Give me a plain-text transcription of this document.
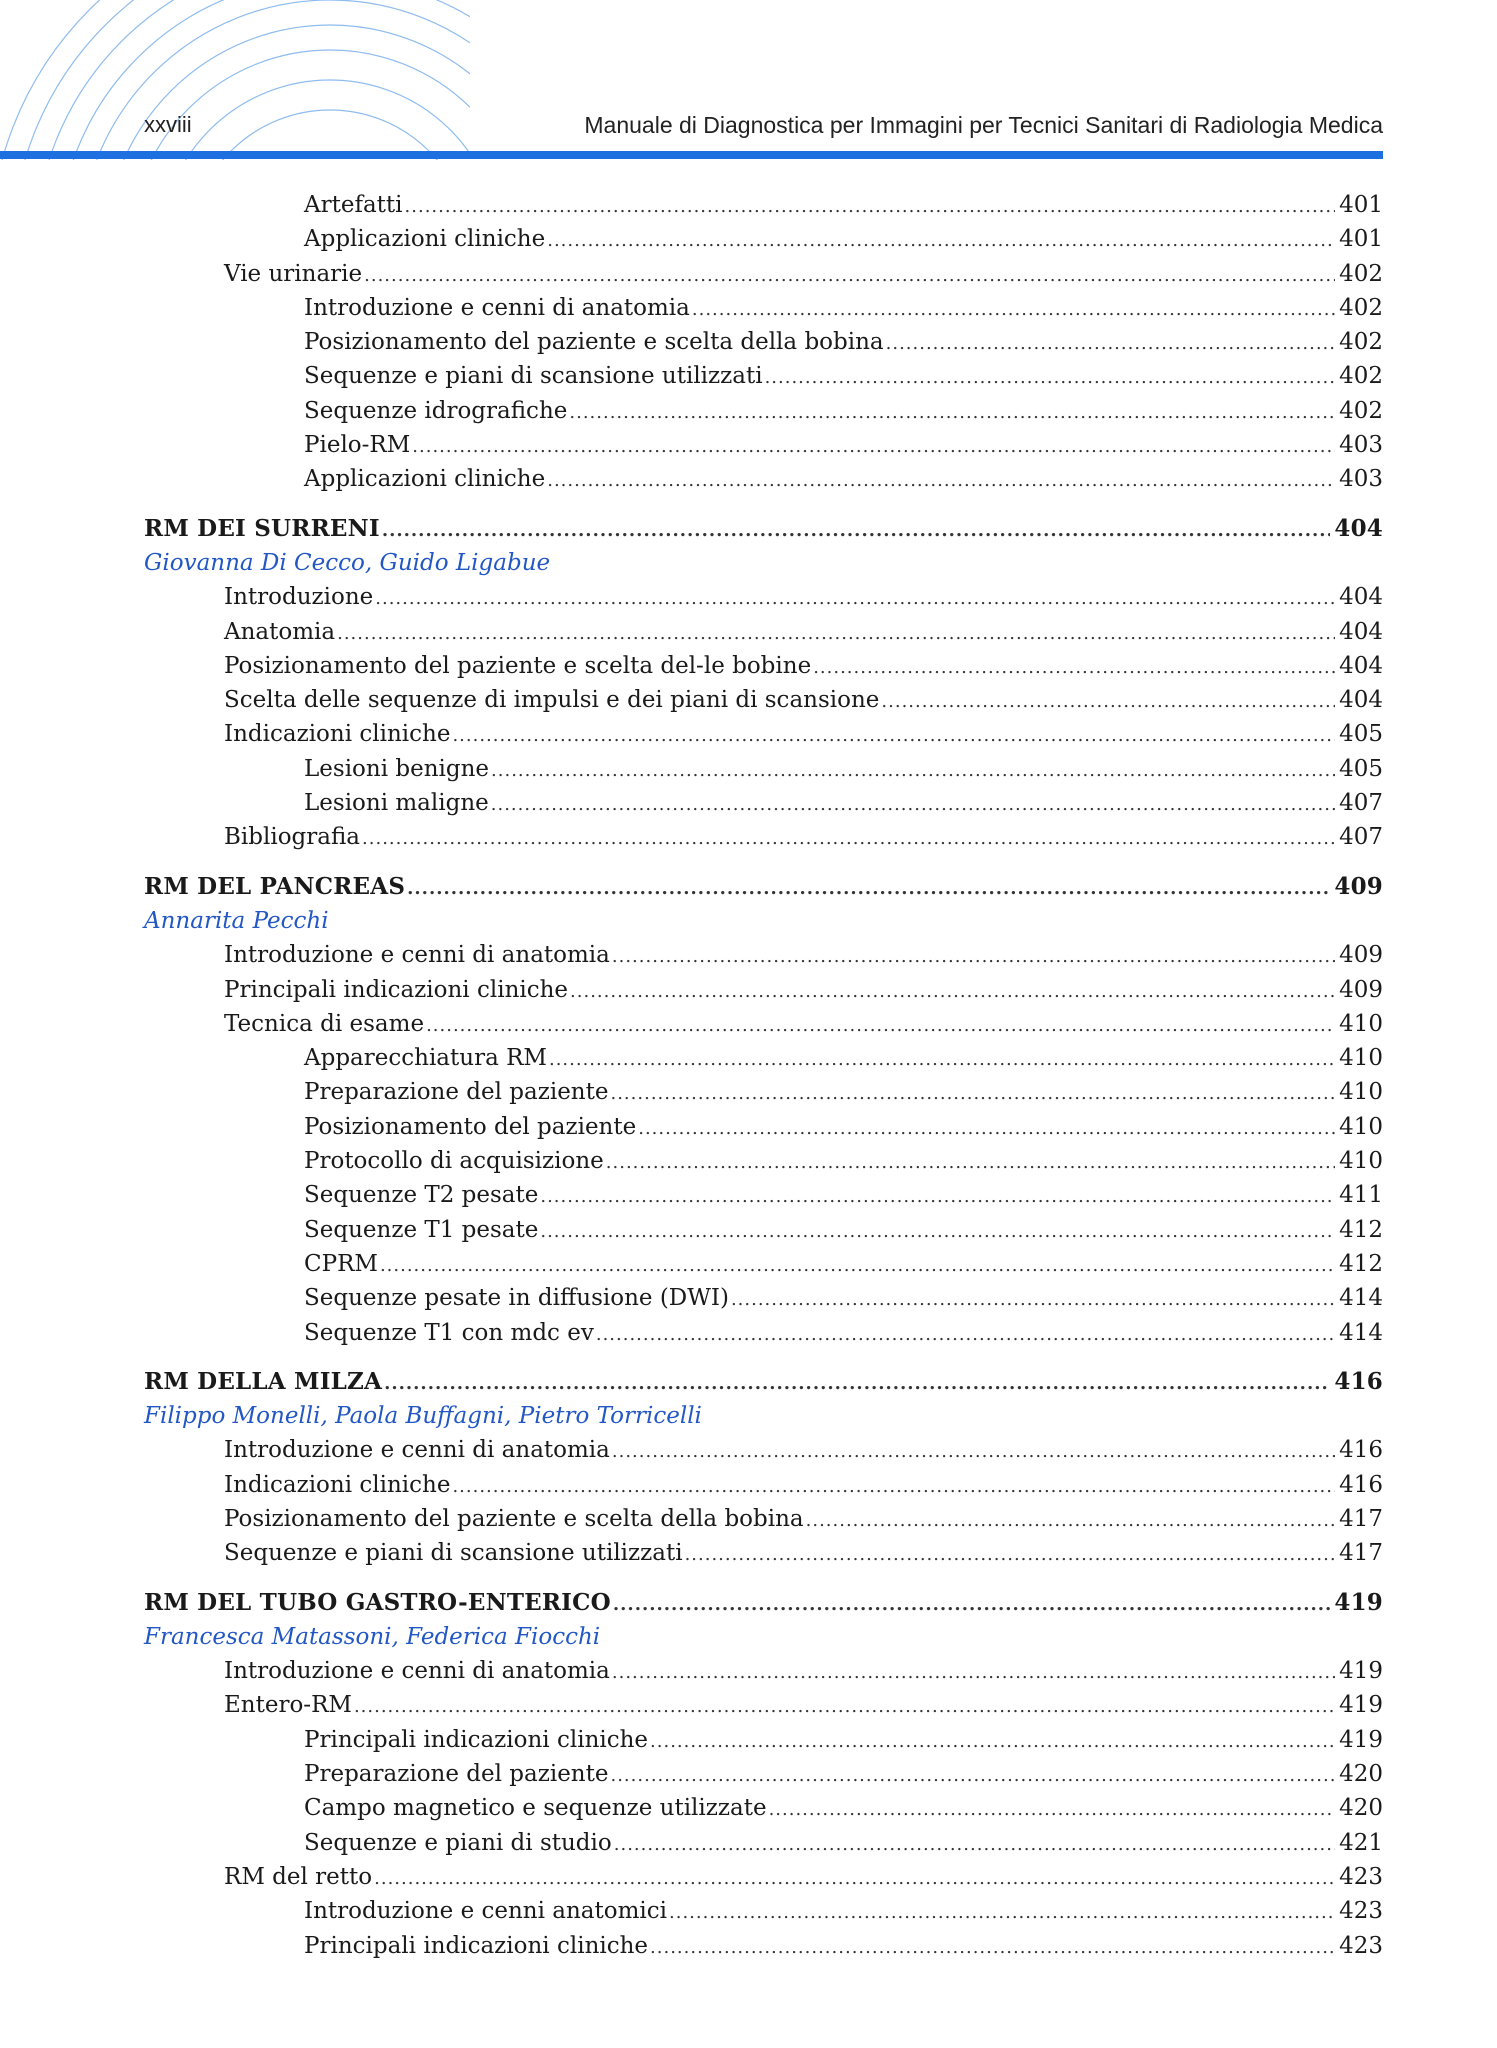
xxviii	Manuale di Diagnostica per Immagini per Tecnici Sanitari di Radiologia Medica
Artefatti .....	401
Applicazioni cliniche .....	401
Vie urinarie .....	402
Introduzione e cenni di anatomia .....	402
Posizionamento del paziente e scelta della bobina .....	402
Sequenze e piani di scansione utilizzati .....	402
Sequenze idrografiche .....	402
Pielo-RM .....	403
Applicazioni cliniche .....	403
RM DEI SURRENI .....	404
Giovanna Di Cecco, Guido Ligabue
Introduzione .....	404
Anatomia .....	404
Posizionamento del paziente e scelta del-le bobine .....	404
Scelta delle sequenze di impulsi e dei piani di scansione .....	404
Indicazioni cliniche .....	405
Lesioni benigne .....	405
Lesioni maligne .....	407
Bibliografia .....	407
RM DEL PANCREAS .....	409
Annarita Pecchi
Introduzione e cenni di anatomia .....	409
Principali indicazioni cliniche .....	409
Tecnica di esame .....	410
Apparecchiatura RM .....	410
Preparazione del paziente .....	410
Posizionamento del paziente .....	410
Protocollo di acquisizione .....	410
Sequenze T2 pesate .....	411
Sequenze T1 pesate .....	412
CPRM .....	412
Sequenze pesate in diffusione (DWI) .....	414
Sequenze T1 con mdc ev .....	414
RM DELLA MILZA .....	416
Filippo Monelli, Paola Buffagni, Pietro Torricelli
Introduzione e cenni di anatomia .....	416
Indicazioni cliniche .....	416
Posizionamento del paziente e scelta della bobina .....	417
Sequenze e piani di scansione utilizzati .....	417
RM DEL TUBO GASTRO-ENTERICO .....	419
Francesca Matassoni, Federica Fiocchi
Introduzione e cenni di anatomia .....	419
Entero-RM .....	419
Principali indicazioni cliniche .....	419
Preparazione del paziente .....	420
Campo magnetico e sequenze utilizzate .....	420
Sequenze e piani di studio .....	421
RM del retto .....	423
Introduzione e cenni anatomici .....	423
Principali indicazioni cliniche .....	423
